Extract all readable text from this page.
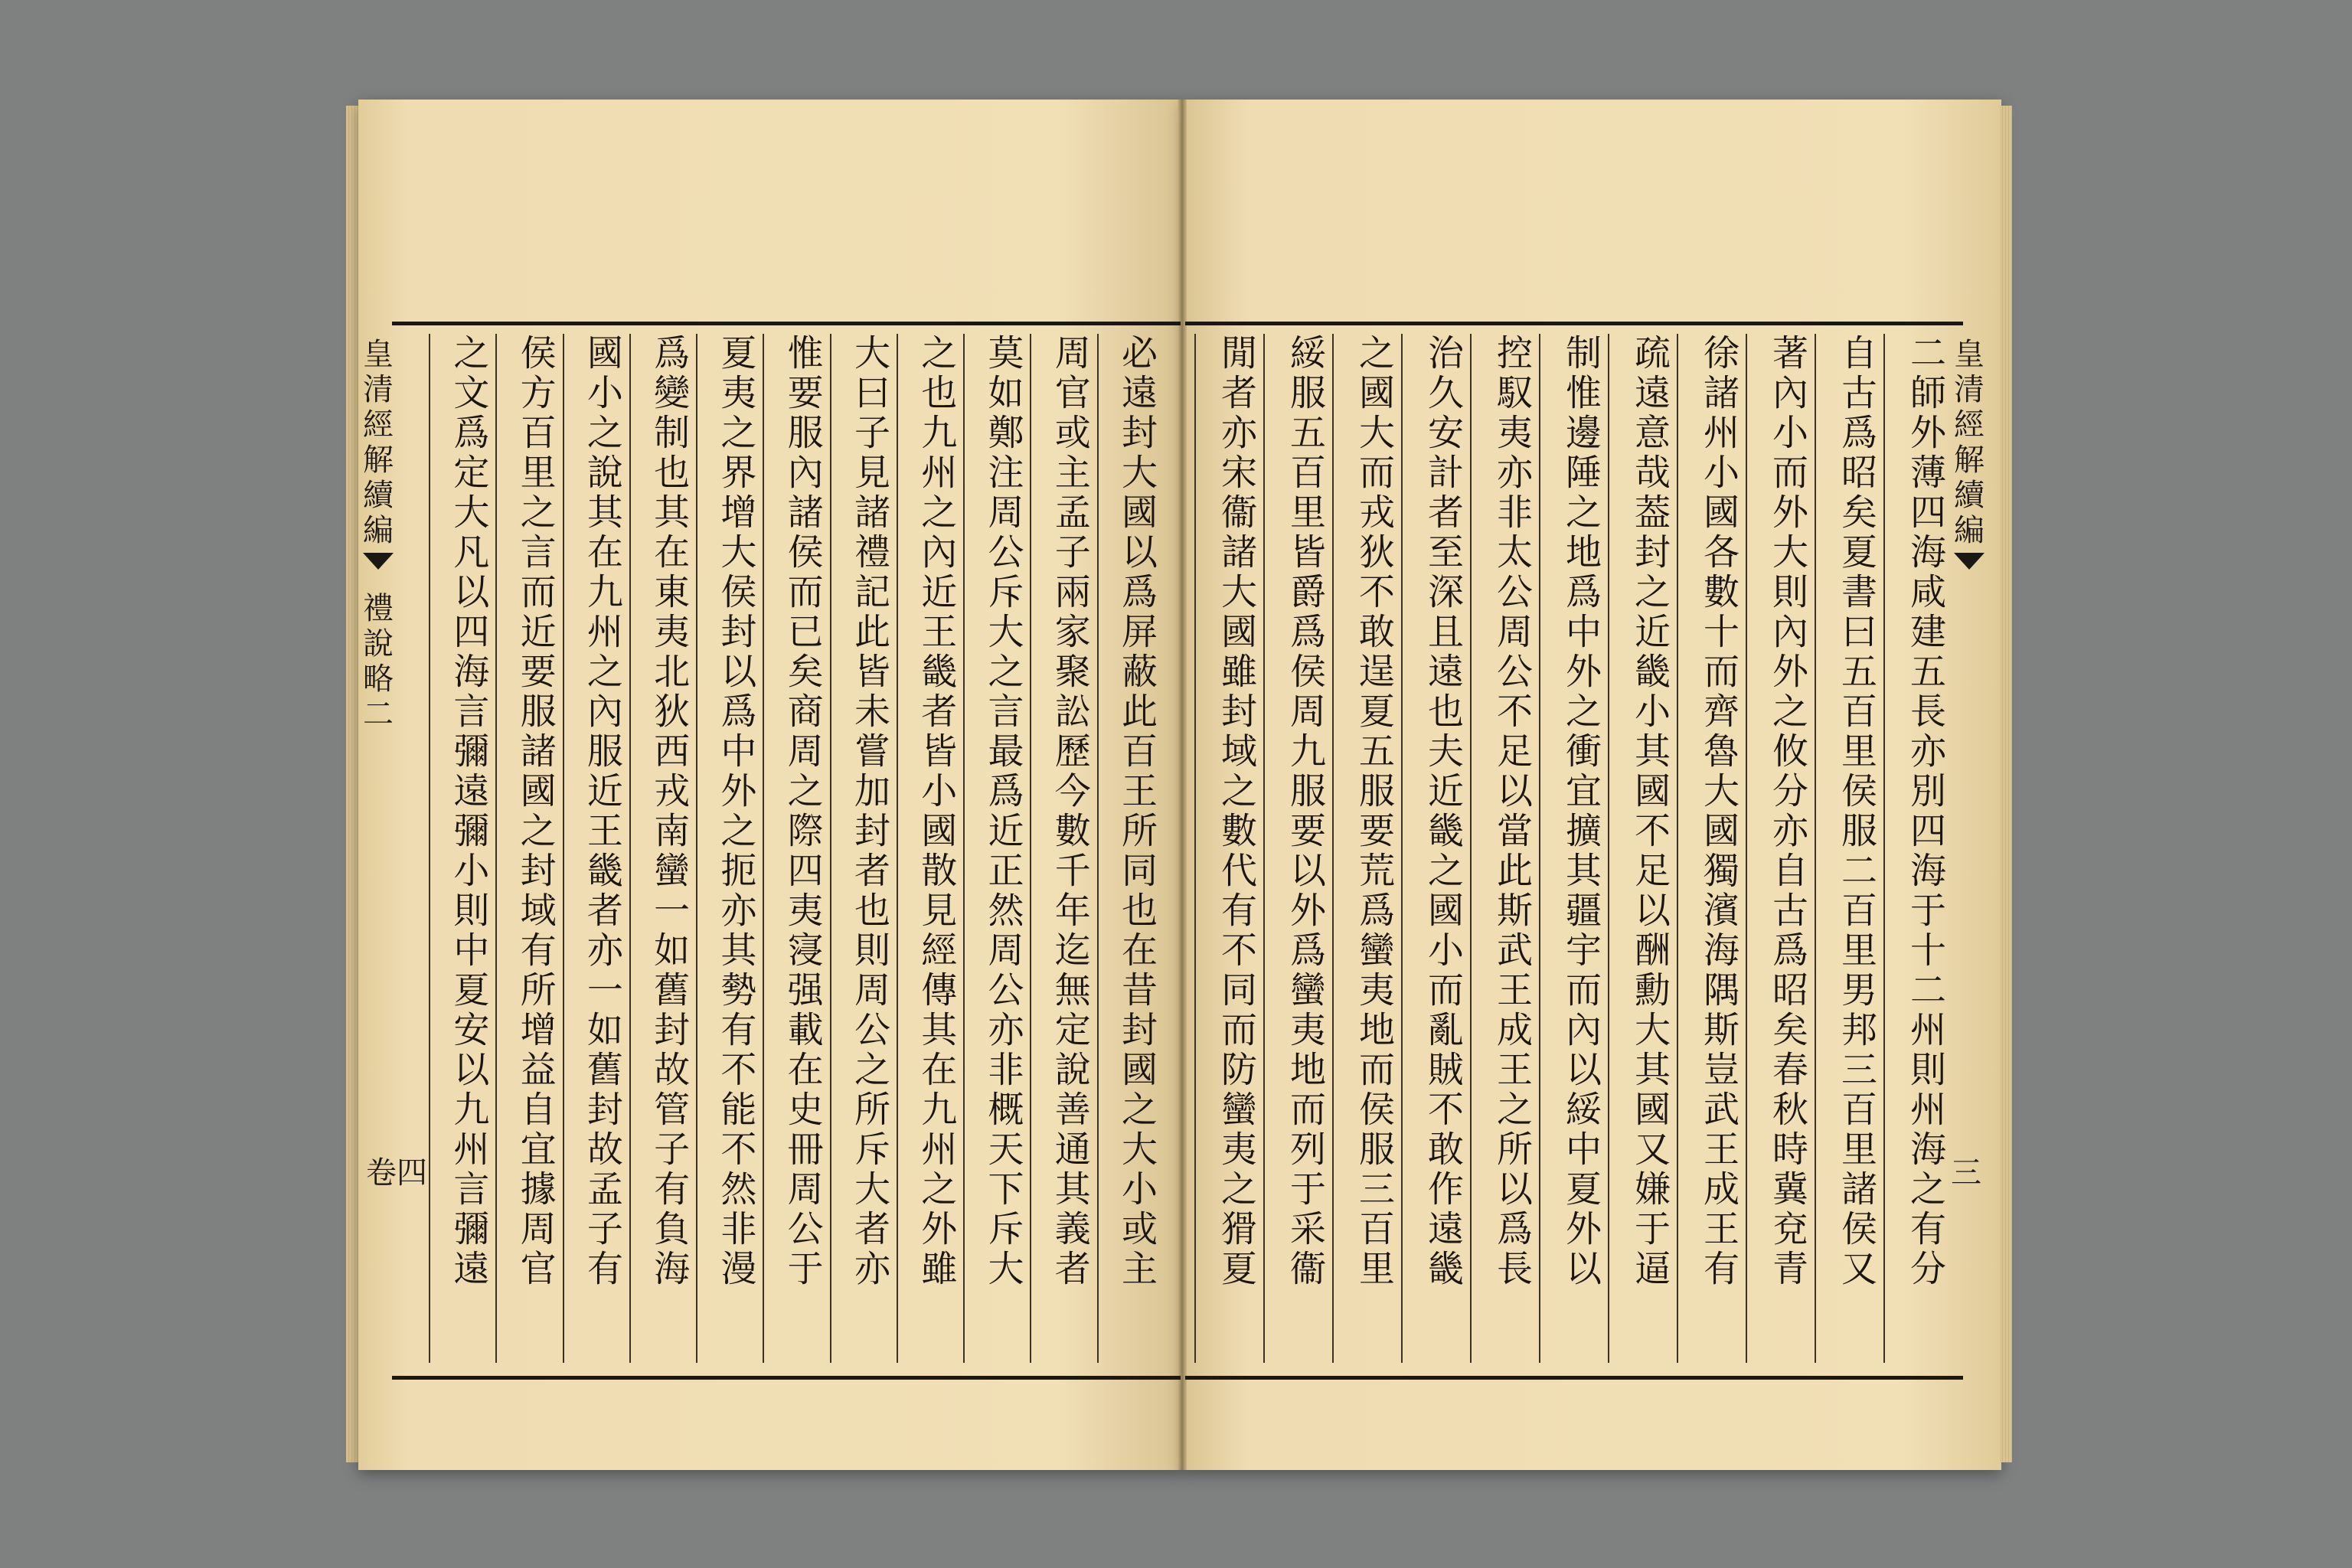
皇
清
經
解
續
編
禮
說
略
二
卷四
皇
清
經
解
續
編
三
必遠封大國以爲屏蔽此百王所同也在昔封國之大小或主
周官或主孟子兩家聚訟歷今數千年迄無定說善通其義者
莫如鄭注周公斥大之言最爲近正然周公亦非概天下斥大
之也九州之內近王畿者皆小國散見經傳其在九州之外雖
大曰子見諸禮記此皆未嘗加封者也則周公之所斥大者亦
惟要服內諸侯而已矣商周之際四夷寖强載在史冊周公于
夏夷之界增大侯封以爲中外之扼亦其勢有不能不然非漫
爲變制也其在東夷北狄西戎南蠻一如舊封故管子有負海
國小之說其在九州之內服近王畿者亦一如舊封故孟子有
侯方百里之言而近要服諸國之封域有所增益自宜據周官
之文爲定大凡以四海言彌遠彌小則中夏安以九州言彌遠	二師外薄四海咸建五長亦別四海于十二州則州海之有分
自古爲昭矣夏書曰五百里侯服二百里男邦三百里諸侯又
著內小而外大則內外之攸分亦自古爲昭矣春秋時冀兗青
徐諸州小國各數十而齊魯大國獨濱海隅斯豈武王成王有
疏遠意哉葢封之近畿小其國不足以酬勳大其國又嫌于逼
制惟邊陲之地爲中外之衝宜擴其疆宇而內以綏中夏外以
控馭夷亦非太公周公不足以當此斯武王成王之所以爲長
治久安計者至深且遠也夫近畿之國小而亂賊不敢作遠畿
之國大而戎狄不敢逞夏五服要荒爲蠻夷地而侯服三百里
綏服五百里皆爵爲侯周九服要以外爲蠻夷地而列于采衞
閒者亦宋衞諸大國雖封域之數代有不同而防蠻夷之猾夏
